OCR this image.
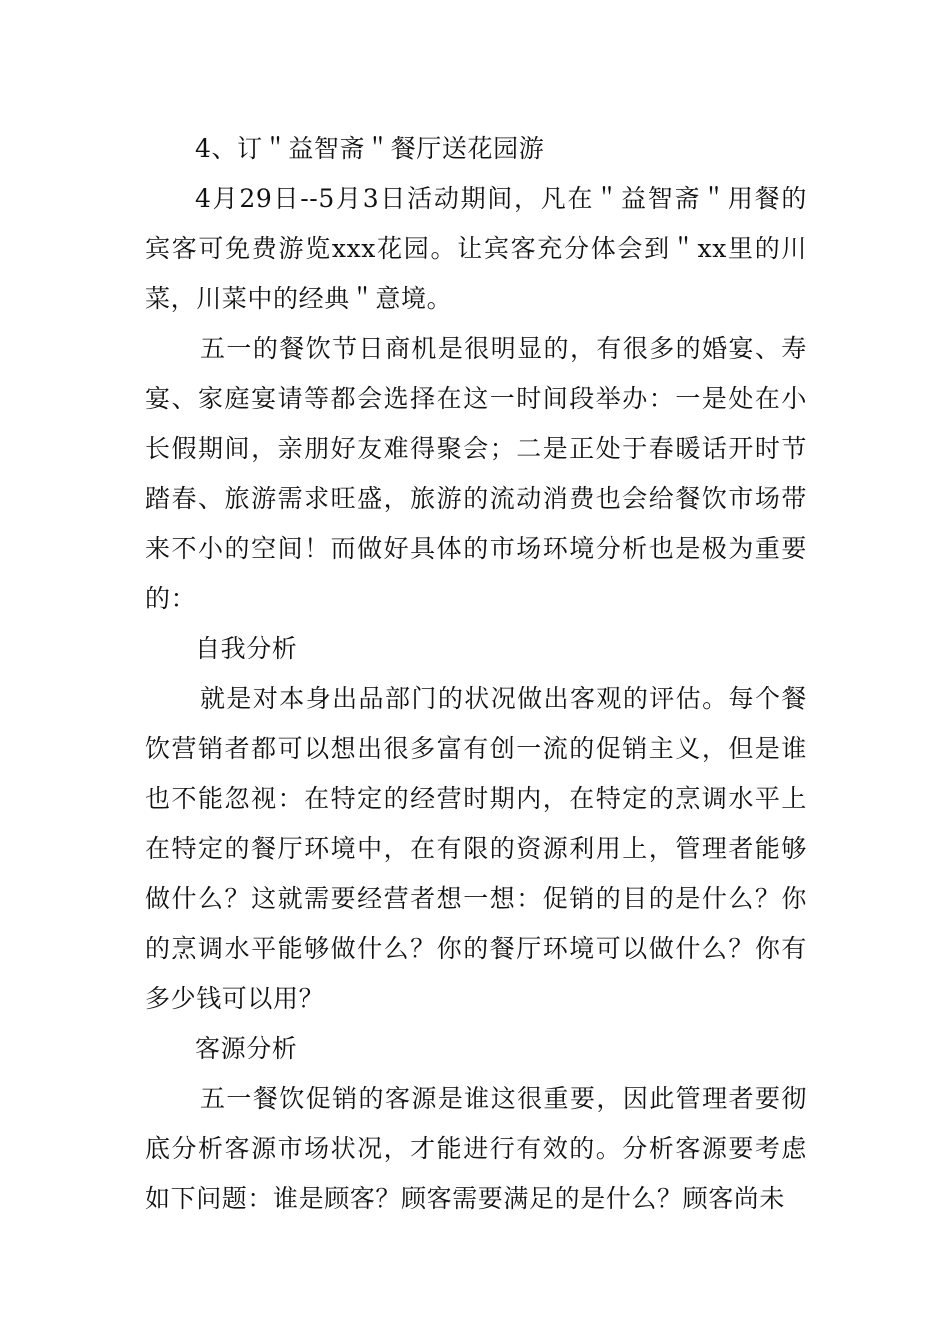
4、订＂益智斋＂餐厅送花园游

4月29日--5月3日活动期间，凡在＂益智斋＂用餐的宾客可免费游览xxx花园。让宾客充分体会到＂xx里的川菜，川菜中的经典＂意境。

五一的餐饮节日商机是很明显的，有很多的婚宴、寿宴、家庭宴请等都会选择在这一时间段举办：一是处在小长假期间，亲朋好友难得聚会；二是正处于春暖话开时节踏春、旅游需求旺盛，旅游的流动消费也会给餐饮市场带来不小的空间！而做好具体的市场环境分析也是极为重要的：

自我分析

就是对本身出品部门的状况做出客观的评估。每个餐饮营销者都可以想出很多富有创一流的促销主义，但是谁也不能忽视：在特定的经营时期内，在特定的烹调水平上在特定的餐厅环境中，在有限的资源利用上，管理者能够做什么？这就需要经营者想一想：促销的目的是什么？你的烹调水平能够做什么？你的餐厅环境可以做什么？你有多少钱可以用？

客源分析

五一餐饮促销的客源是谁这很重要，因此管理者要彻底分析客源市场状况，才能进行有效的。分析客源要考虑如下问题：谁是顾客？顾客需要满足的是什么？顾客尚未
